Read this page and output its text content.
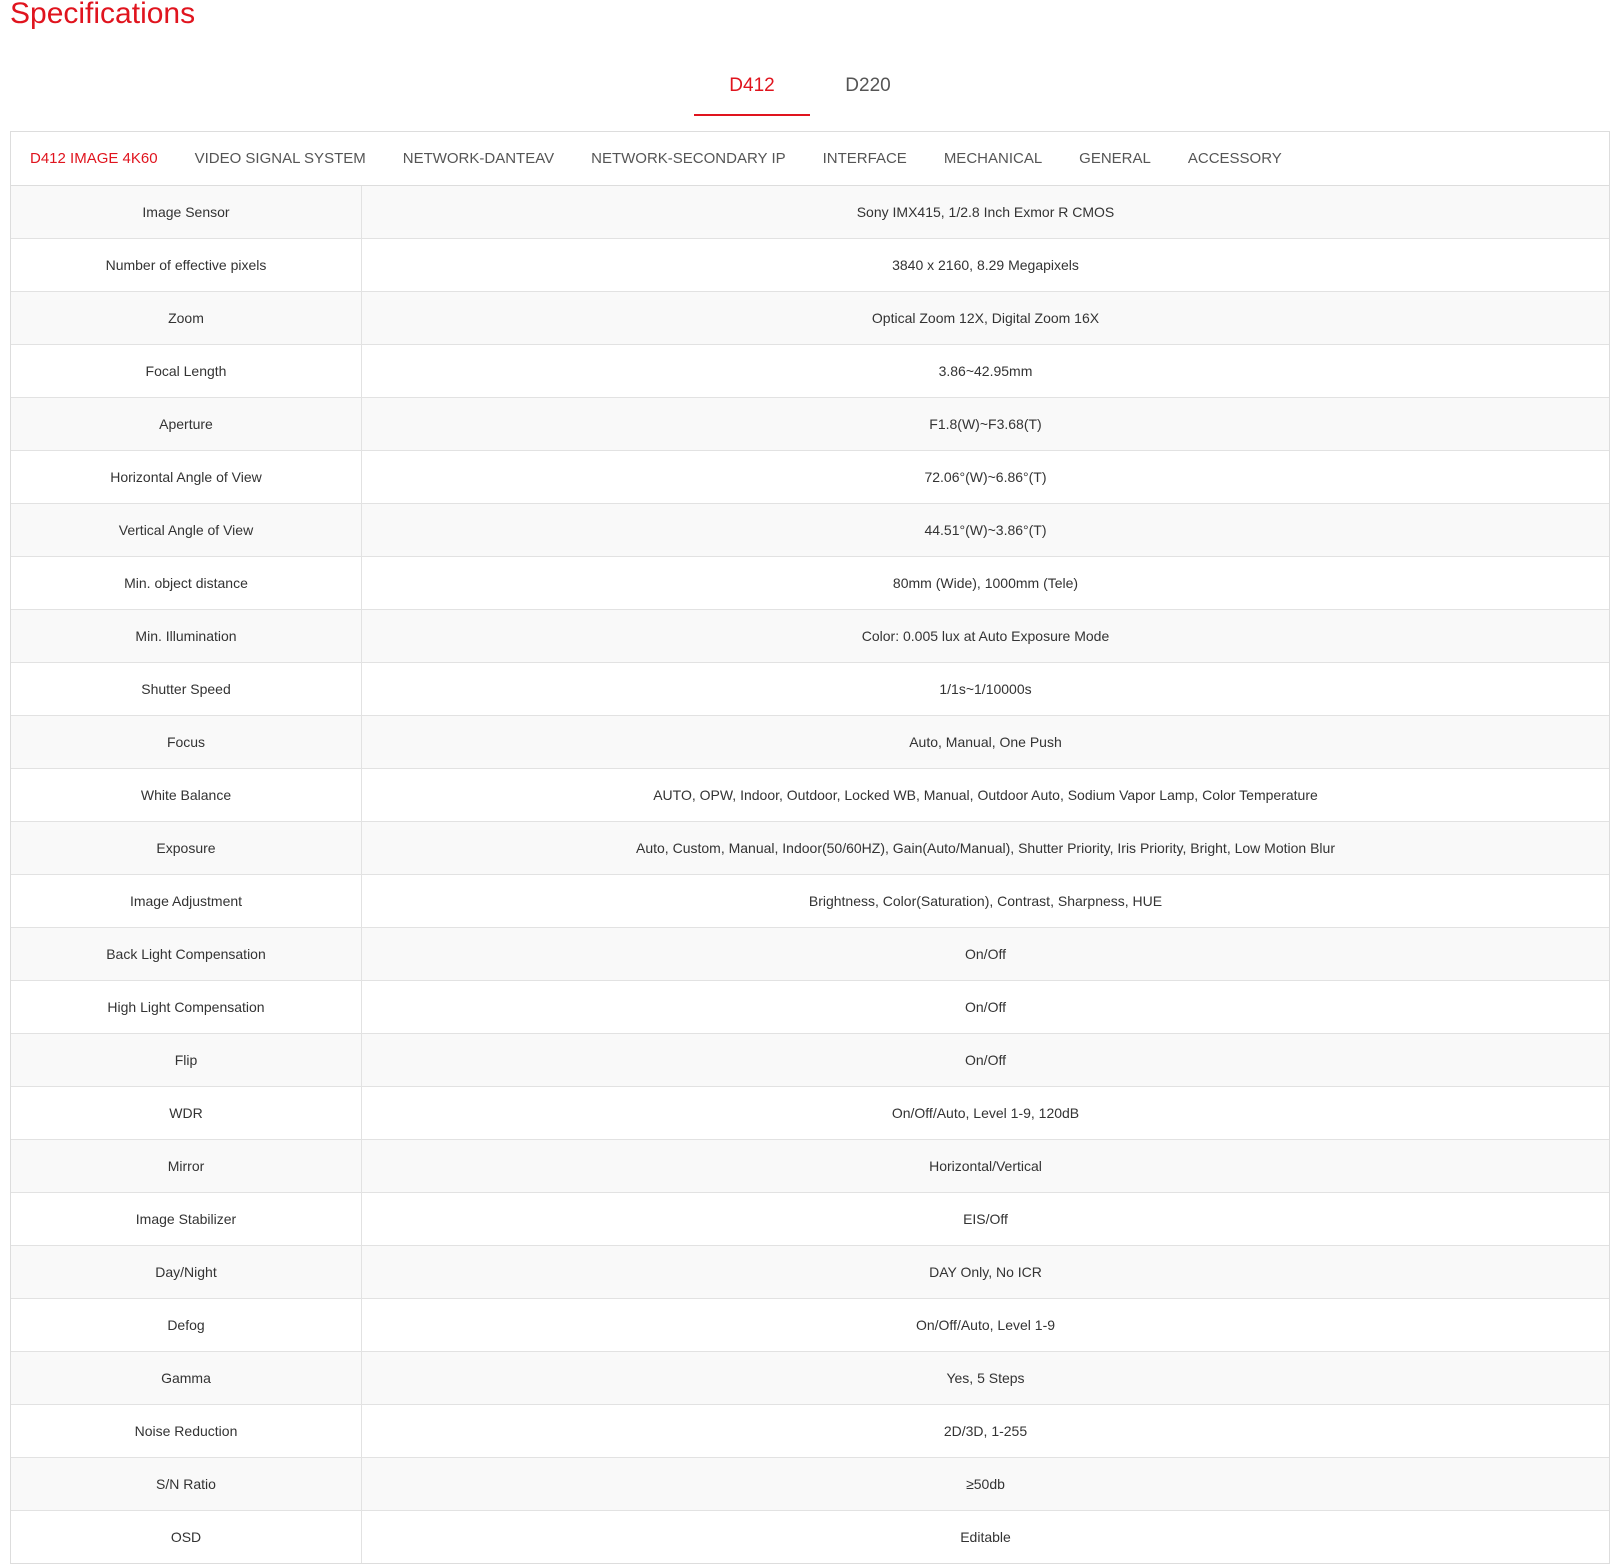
Specifications
D412	D220
D412 IMAGE 4K60 VIDEO SIGNAL SYSTEM NETWORK-DANTEAV NETWORK-SECONDARY IP INTERFACE MECHANICAL GENERAL ACCESSORY
Image Sensor	Sony IMX415, 1/2.8 Inch Exmor R CMOS
Number of effective pixels	3840 x 2160, 8.29 Megapixels
Zoom	Optical Zoom 12X, Digital Zoom 16X
Focal Length	3.86~42.95mm
Aperture	F1.8(W)~F3.68(T)
Horizontal Angle of View	72.06°(W)~6.86°(T)
Vertical Angle of View	44.51°(W)~3.86°(T)
Min. object distance	80mm (Wide), 1000mm (Tele)
Min. Illumination	Color: 0.005 lux at Auto Exposure Mode
Shutter Speed	1/1s~1/10000s
Focus	Auto, Manual, One Push
White Balance	AUTO, OPW, Indoor, Outdoor, Locked WB, Manual, Outdoor Auto, Sodium Vapor Lamp, Color Temperature
Exposure	Auto, Custom, Manual, Indoor(50/60HZ), Gain(Auto/Manual), Shutter Priority, Iris Priority, Bright, Low Motion Blur
Image Adjustment	Brightness, Color(Saturation), Contrast, Sharpness, HUE
Back Light Compensation	On/Off
High Light Compensation	On/Off
Flip	On/Off
WDR	On/Off/Auto, Level 1-9, 120dB
Mirror	Horizontal/Vertical
Image Stabilizer	EIS/Off
Day/Night	DAY Only, No ICR
Defog	On/Off/Auto, Level 1-9
Gamma	Yes, 5 Steps
Noise Reduction	2D/3D, 1-255
S/N Ratio	≥50db
OSD	Editable
